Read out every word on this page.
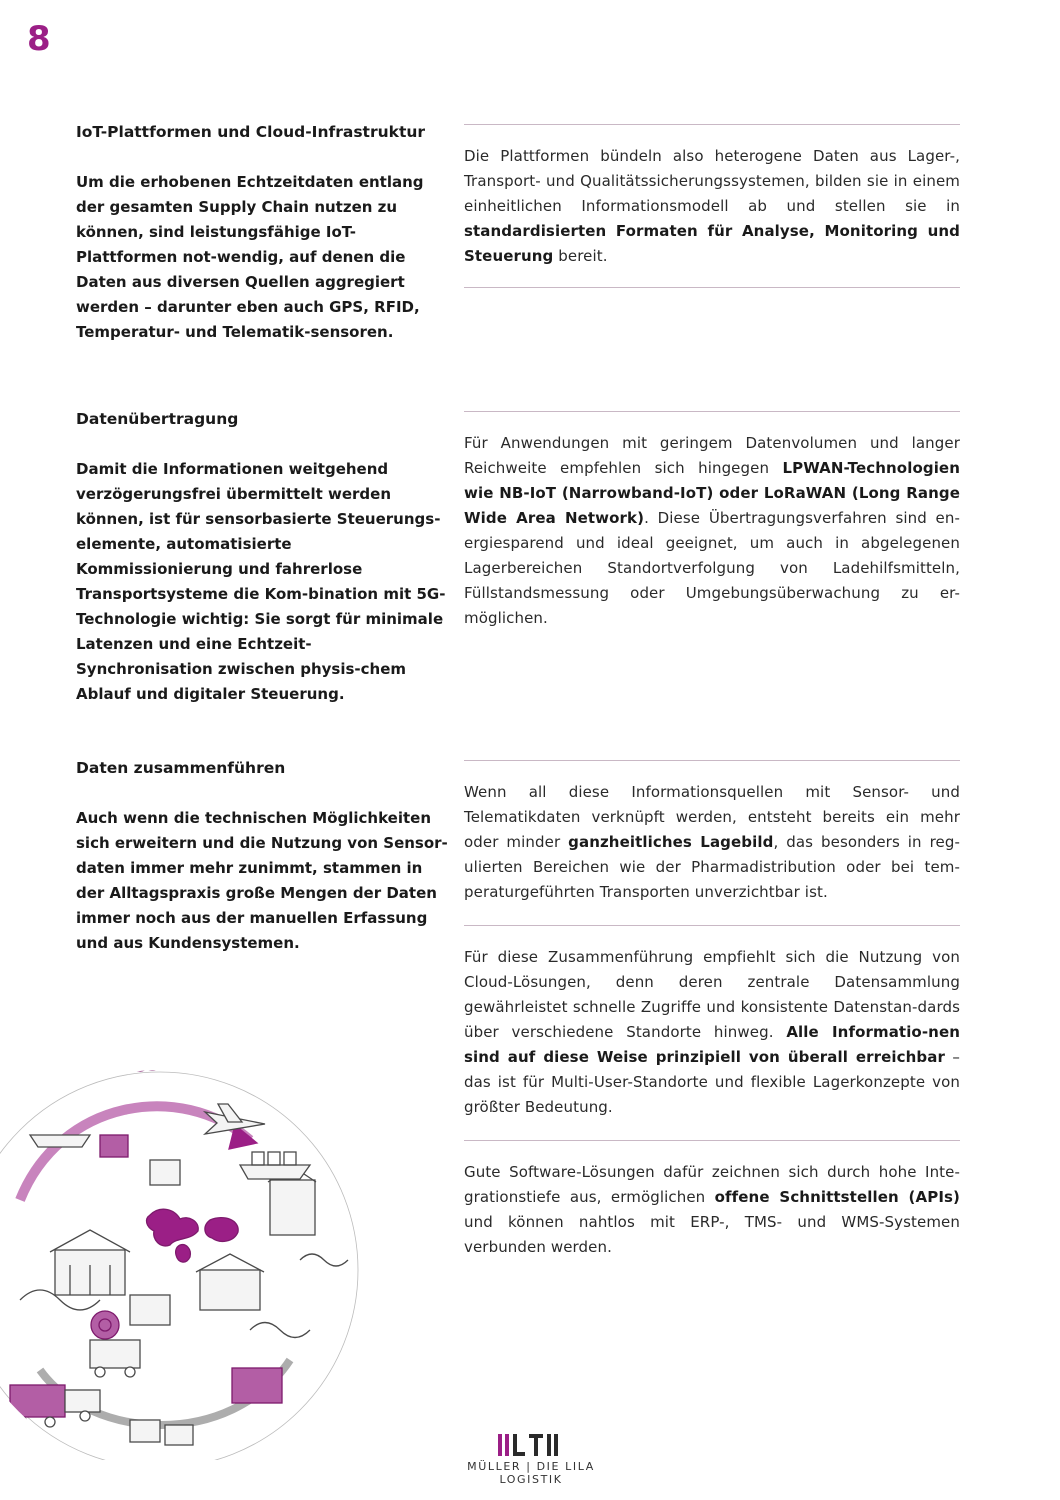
8
IoT-Plattformen und Cloud-Infrastruktur

Um die erhobenen Echtzeitdaten entlang der gesamten Supply Chain nutzen zu können, sind leistungsfähige IoT-Plattformen not-wendig, auf denen die Daten aus diversen Quellen aggregiert werden – darunter eben auch GPS, RFID, Temperatur- und Telematik-sensoren.

Die Plattformen bündeln also heterogene Daten aus Lager-, Transport- und Qualitätssicherungssystemen, bilden sie in einem einheitlichen Informationsmodell ab und stellen sie in standardisierten Formaten für Analyse, Monitoring und Steuerung bereit.

Datenübertragung

Damit die Informationen weitgehend verzögerungsfrei übermittelt werden können, ist für sensorbasierte Steuerungs-elemente, automatisierte Kommissionierung und fahrerlose Transportsysteme die Kom-bination mit 5G-Technologie wichtig: Sie sorgt für minimale Latenzen und eine Echtzeit-Synchronisation zwischen physis-chem Ablauf und digitaler Steuerung.

Für Anwendungen mit geringem Datenvolumen und langer Reichweite empfehlen sich hingegen LPWAN-Technologien wie NB-IoT (Narrowband-IoT) oder LoRaWAN (Long Range Wide Area Network). Diese Übertragungsverfahren sind en-ergiesparend und ideal geeignet, um auch in abgelegenen Lagerbereichen Standortverfolgung von Ladehilfsmitteln, Füllstandsmessung oder Umgebungsüberwachung zu er-möglichen.

Daten zusammenführen

Auch wenn die technischen Möglichkeiten sich erweitern und die Nutzung von Sensor-daten immer mehr zunimmt, stammen in der Alltagspraxis große Mengen der Daten immer noch aus der manuellen Erfassung und aus Kundensystemen.

Wenn all diese Informationsquellen mit Sensor- und Telematikdaten verknüpft werden, entsteht bereits ein mehr oder minder ganzheitliches Lagebild, das besonders in reg-ulierten Bereichen wie der Pharmadistribution oder bei tem-peraturgeführten Transporten unverzichtbar ist.

Für diese Zusammenführung empfiehlt sich die Nutzung von Cloud-Lösungen, denn deren zentrale Datensammlung gewährleistet schnelle Zugriffe und konsistente Datenstan-dards über verschiedene Standorte hinweg. Alle Informatio-nen sind auf diese Weise prinzipiell von überall erreichbar – das ist für Multi-User-Standorte und flexible Lagerkonzepte von größter Bedeutung.

Gute Software-Lösungen dafür zeichnen sich durch hohe Inte-grationstiefe aus, ermöglichen offene Schnittstellen (APIs) und können nahtlos mit ERP-, TMS- und WMS-Systemen verbunden werden.

MÜLLER | DIE LILA LOGISTIK
